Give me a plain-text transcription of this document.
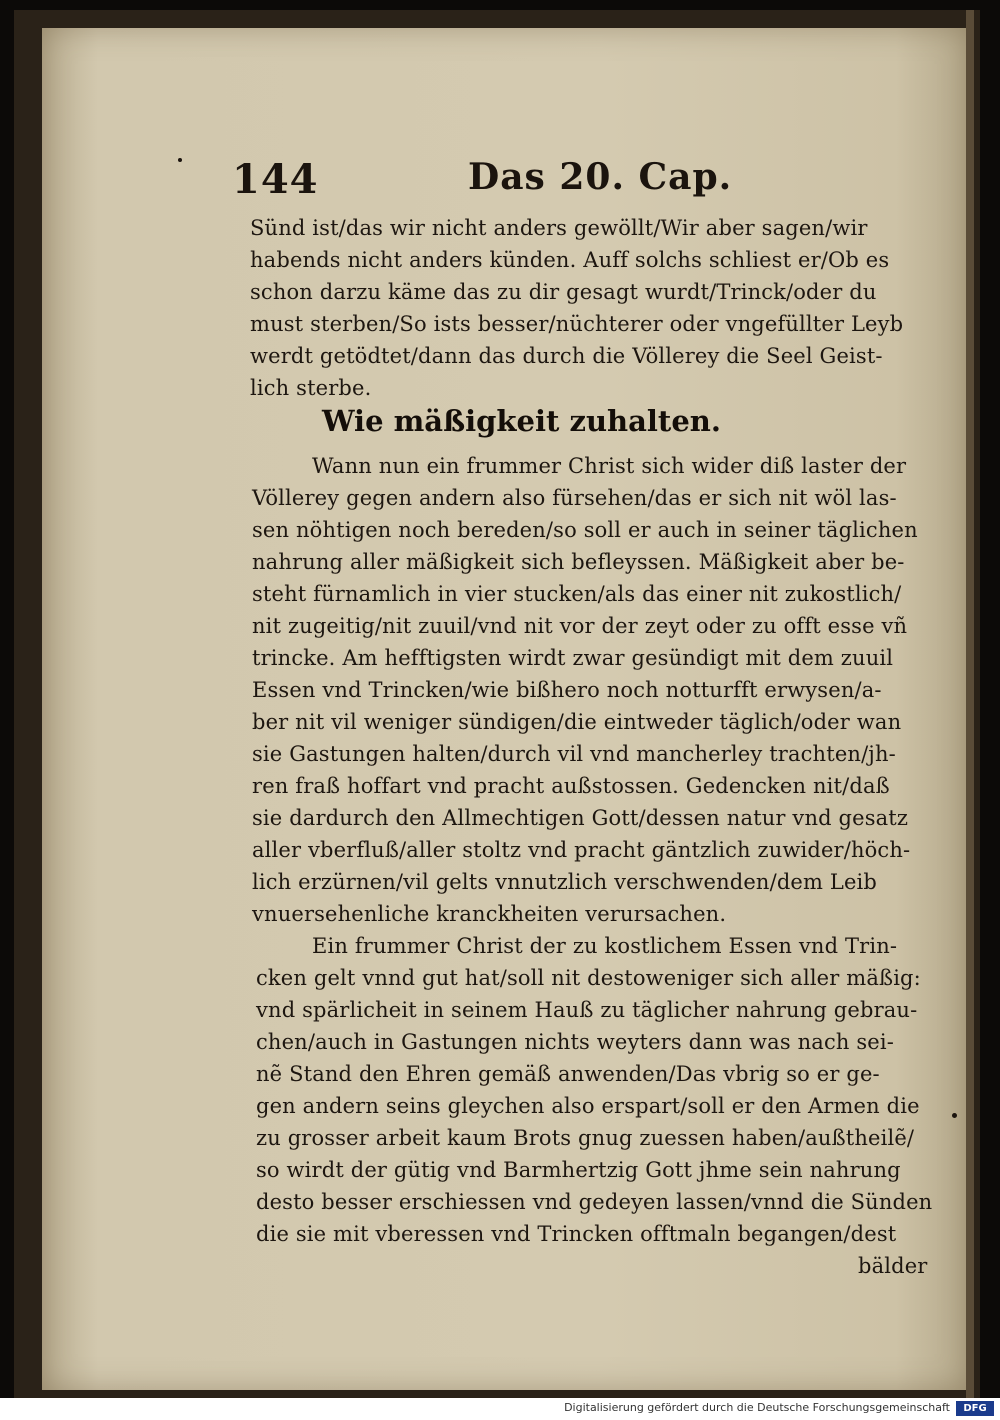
144	Das 20. Cap.
Sünd ist/das wir nicht anders gewöllt/Wir aber sagen/wir
habends nicht anders künden. Auff solchs schliest er/Ob es
schon darzu käme das zu dir gesagt wurdt/Trinck/oder du
must sterben/So ists besser/nüchterer oder vngefüllter Leyb
werdt getödtet/dann das durch die Völlerey die Seel Geist-
lich sterbe.
Wie mäßigkeit zuhalten.
Wann nun ein frummer Christ sich wider diß laster der
Völlerey gegen andern also fürsehen/das er sich nit wöl las-
sen nöhtigen noch bereden/so soll er auch in seiner täglichen
nahrung aller mäßigkeit sich befleyssen. Mäßigkeit aber be-
steht fürnamlich in vier stucken/als das einer nit zukostlich/
nit zugeitig/nit zuuil/vnd nit vor der zeyt oder zu offt esse vñ
trincke. Am hefftigsten wirdt zwar gesündigt mit dem zuuil
Essen vnd Trincken/wie bißhero noch notturfft erwysen/a-
ber nit vil weniger sündigen/die eintweder täglich/oder wan
sie Gastungen halten/durch vil vnd mancherley trachten/jh-
ren fraß hoffart vnd pracht außstossen. Gedencken nit/daß
sie dardurch den Allmechtigen Gott/dessen natur vnd gesatz
aller vberfluß/aller stoltz vnd pracht gäntzlich zuwider/höch-
lich erzürnen/vil gelts vnnutzlich verschwenden/dem Leib
vnuersehenliche kranckheiten verursachen.
Ein frummer Christ der zu kostlichem Essen vnd Trin-
cken gelt vnnd gut hat/soll nit destoweniger sich aller mäßig:
vnd spärlicheit in seinem Hauß zu täglicher nahrung gebrau-
chen/auch in Gastungen nichts weyters dann was nach sei-
nẽ Stand den Ehren gemäß anwenden/Das vbrig so er ge-
gen andern seins gleychen also erspart/soll er den Armen die
zu grosser arbeit kaum Brots gnug zuessen haben/außtheilẽ/
so wirdt der gütig vnd Barmhertzig Gott jhme sein nahrung
desto besser erschiessen vnd gedeyen lassen/vnnd die Sünden
die sie mit vberessen vnd Trincken offtmaln begangen/dest
bälder
Digitalisierung gefördert durch die Deutsche Forschungsgemeinschaft	DFG
